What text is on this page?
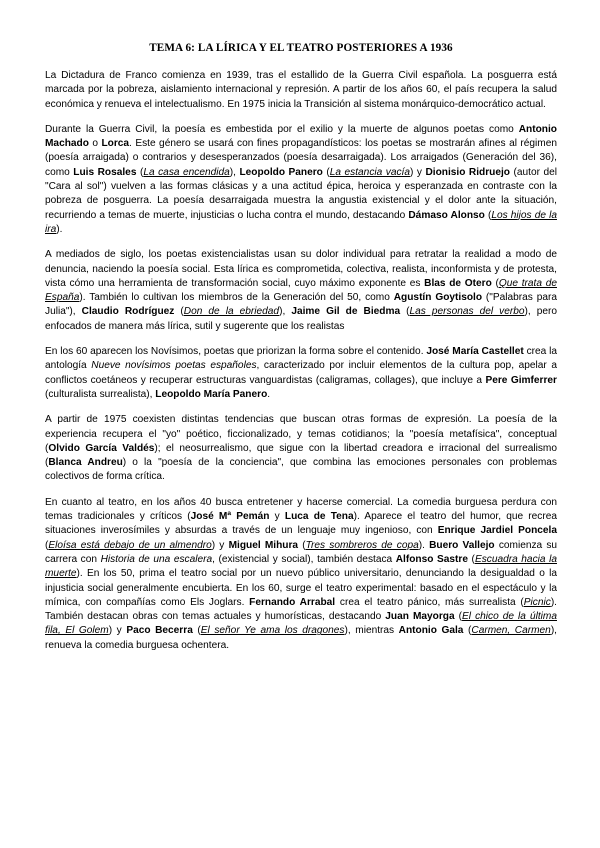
TEMA 6: LA LÍRICA Y EL TEATRO POSTERIORES A 1936

La Dictadura de Franco comienza en 1939, tras el estallido de la Guerra Civil española. La posguerra está marcada por la pobreza, aislamiento internacional y represión. A partir de los años 60, el país recupera la salud económica y renueva el intelectualismo. En 1975 inicia la Transición al sistema monárquico-democrático actual.

Durante la Guerra Civil, la poesía es embestida por el exilio y la muerte de algunos poetas como Antonio Machado o Lorca. Este género se usará con fines propagandísticos: los poetas se mostrarán afines al régimen (poesía arraigada) o contrarios y desesperanzados (poesía desarraigada). Los arraigados (Generación del 36), como Luis Rosales (La casa encendida), Leopoldo Panero (La estancia vacía) y Dionisio Ridruejo (autor del "Cara al sol") vuelven a las formas clásicas y a una actitud épica, heroica y esperanzada en contraste con la pobreza de posguerra. La poesía desarraigada muestra la angustia existencial y el dolor ante la situación, recurriendo a temas de muerte, injusticias o lucha contra el mundo, destacando Dámaso Alonso (Los hijos de la ira).

A mediados de siglo, los poetas existencialistas usan su dolor individual para retratar la realidad a modo de denuncia, naciendo la poesía social. Esta lírica es comprometida, colectiva, realista, inconformista y de protesta, vista cómo una herramienta de transformación social, cuyo máximo exponente es Blas de Otero (Que trata de España). También lo cultivan los miembros de la Generación del 50, como Agustín Goytisolo ("Palabras para Julia"), Claudio Rodríguez (Don de la ebriedad), Jaime Gil de Biedma (Las personas del verbo), pero enfocados de manera más lírica, sutil y sugerente que los realistas

En los 60 aparecen los Novísimos, poetas que priorizan la forma sobre el contenido. José María Castellet crea la antología Nueve novísimos poetas españoles, caracterizado por incluir elementos de la cultura pop, apelar a conflictos coetáneos y recuperar estructuras vanguardistas (caligramas, collages), que incluye a Pere Gimferrer (culturalista surrealista), Leopoldo María Panero.

A partir de 1975 coexisten distintas tendencias que buscan otras formas de expresión. La poesía de la experiencia recupera el "yo" poético, ficcionalizado, y temas cotidianos; la "poesía metafísica", conceptual (Olvido García Valdés); el neosurrealismo, que sigue con la libertad creadora e irracional del surrealismo (Blanca Andreu) o la "poesía de la conciencia", que combina las emociones personales con problemas colectivos de forma crítica.

En cuanto al teatro, en los años 40 busca entretener y hacerse comercial. La comedia burguesa perdura con temas tradicionales y críticos (José Mª Pemán y Luca de Tena). Aparece el teatro del humor, que recrea situaciones inverosímiles y absurdas a través de un lenguaje muy ingenioso, con Enrique Jardiel Poncela (Eloísa está debajo de un almendro) y Miguel Mihura (Tres sombreros de copa). Buero Vallejo comienza su carrera con Historia de una escalera, (existencial y social), también destaca Alfonso Sastre (Escuadra hacia la muerte). En los 50, prima el teatro social por un nuevo público universitario, denunciando la desigualdad o la injusticia social generalmente encubierta. En los 60, surge el teatro experimental: basado en el espectáculo y la mímica, con compañías como Els Joglars. Fernando Arrabal crea el teatro pánico, más surrealista (Picnic). También destacan obras con temas actuales y humorísticas, destacando Juan Mayorga (El chico de la última fila, El Golem) y Paco Becerra (El señor Ye ama los dragones), mientras Antonio Gala (Carmen, Carmen), renueva la comedia burguesa ochentera.
